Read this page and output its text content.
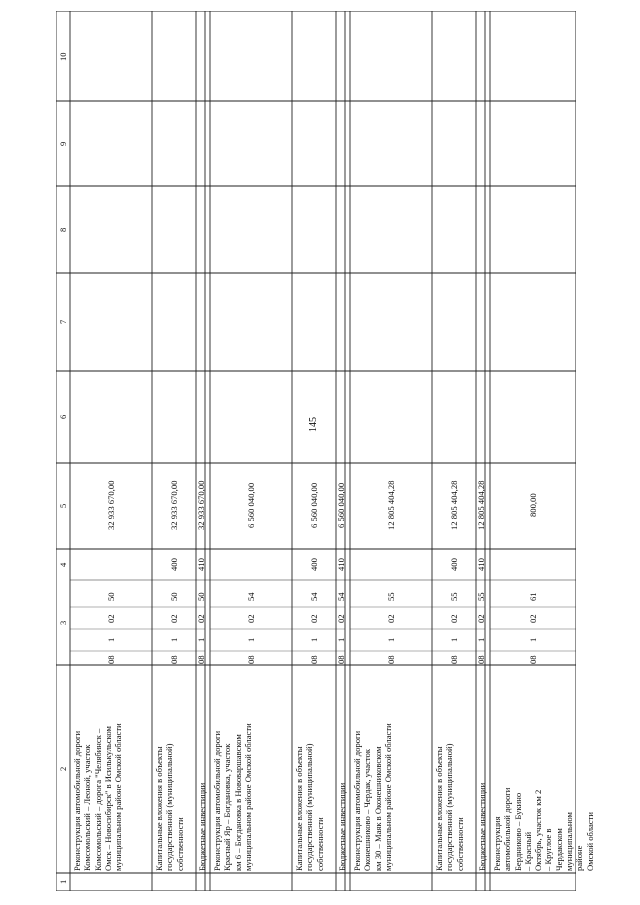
145
1
2
3
4
5
6
7
8
9
10
Реконструкция автомобильной дороги
Комсомольский – Леоной, участок
Комсомольский – дорога "Челябинск –
Омск – Новосибирск" в Исилькульском
муниципальном районе Омской области
08
1
02
50
32 933 670,00
Капитальные вложения в объекты
государственной (муниципальной)
собственности
08
1
02
50
400
32 933 670,00
Бюджетные инвестиции
08
1
02
50
410
32 933 670,00
Реконструкция автомобильной дороги
Красный Яр – Богдановка, участок
км 6 – Богдановка в Нововаршавском
муниципальном районе Омской области
08
1
02
54
6 560 040,00
Капитальные вложения в объекты
государственной (муниципальной)
собственности
08
1
02
54
400
6 560 040,00
Бюджетные инвестиции
08
1
02
54
410
6 560 040,00
Реконструкция автомобильной дороги
Оконешниково – Чердак, участок
км 30 – Маяк в Оконешниковском
муниципальном районе Омской области
08
1
02
55
12 805 404,28
Капитальные вложения в объекты
государственной (муниципальной)
собственности
08
1
02
55
400
12 805 404,28
Бюджетные инвестиции
08
1
02
55
410
12 805 404,28
Реконструкция автомобильной дороги
Бердниково – Букино – Красный
Октябрь, участок км 2 – Круглое в
Чердакском муниципальном районе
Омской области
08
1
02
61
800,00
